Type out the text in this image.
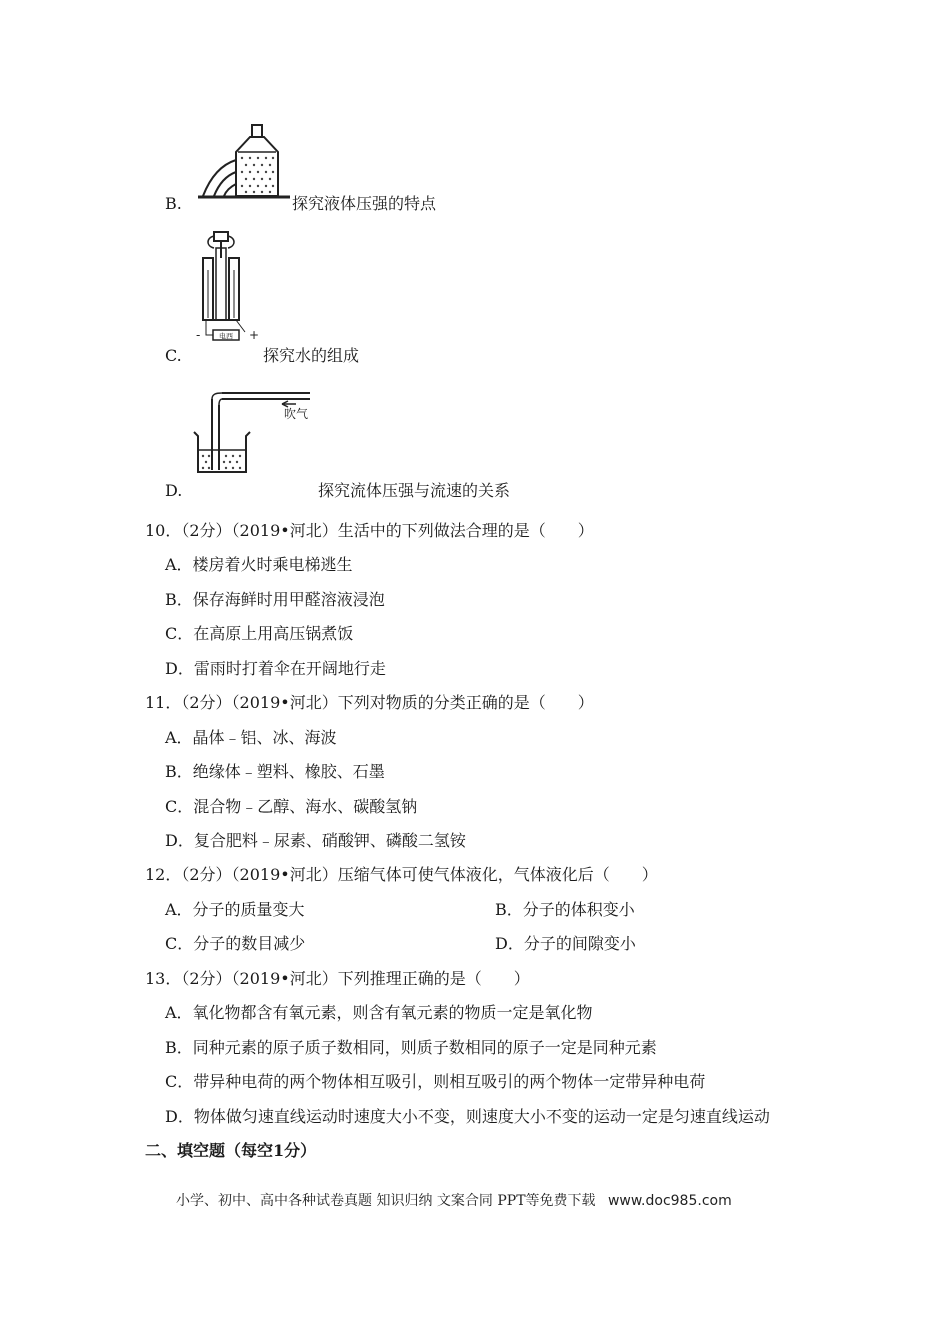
电西
-	+
吹气
B.	探究液体压强的特点
C.	探究水的组成
D.	探究流体压强与流速的关系
10．（2分）（2019•河北）生活中的下列做法合理的是（　　）
A．楼房着火时乘电梯逃生
B．保存海鲜时用甲醛溶液浸泡
C．在高原上用高压锅煮饭
D．雷雨时打着伞在开阔地行走
11．（2分）（2019•河北）下列对物质的分类正确的是（　　）
A．晶体﹣铝、冰、海波
B．绝缘体﹣塑料、橡胶、石墨
C．混合物﹣乙醇、海水、碳酸氢钠
D．复合肥料﹣尿素、硝酸钾、磷酸二氢铵
12．（2分）（2019•河北）压缩气体可使气体液化，气体液化后（　　）
A．分子的质量变大	B．分子的体积变小
C．分子的数目减少	D．分子的间隙变小
13．（2分）（2019•河北）下列推理正确的是（　　）
A．氧化物都含有氧元素，则含有氧元素的物质一定是氧化物
B．同种元素的原子质子数相同，则质子数相同的原子一定是同种元素
C．带异种电荷的两个物体相互吸引，则相互吸引的两个物体一定带异种电荷
D．物体做匀速直线运动时速度大小不变，则速度大小不变的运动一定是匀速直线运动
二、填空题（每空1分）
小学、初中、高中各种试卷真题 知识归纳 文案合同 PPT等免费下载 www.doc985.com
